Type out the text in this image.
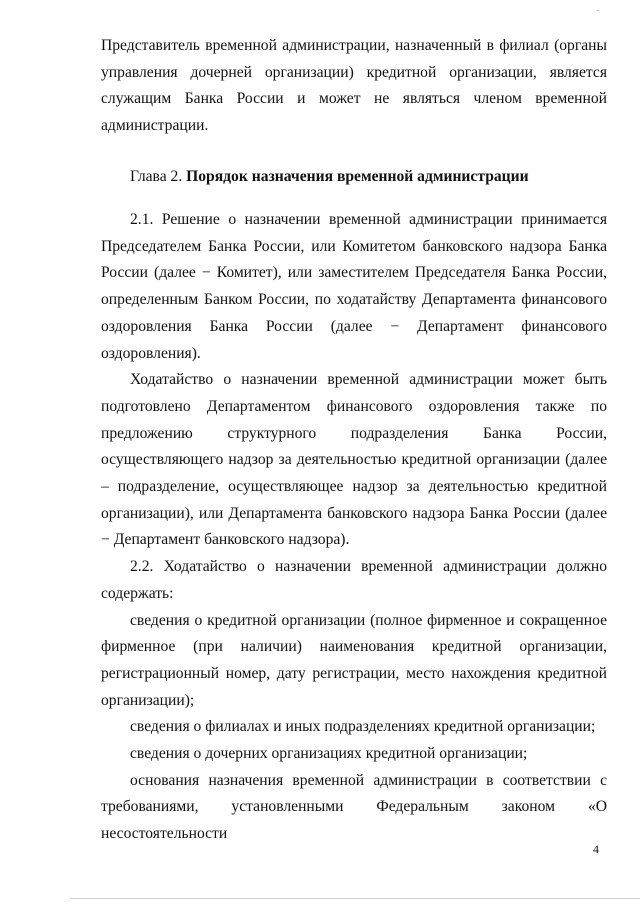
Представитель временной администрации, назначенный в филиал (органы управления дочерней организации) кредитной организации, является служащим Банка России и может не являться членом временной администрации.

Глава 2. Порядок назначения временной администрации

2.1. Решение о назначении временной администрации принимается Председателем Банка России, или Комитетом банковского надзора Банка России (далее − Комитет), или заместителем Председателя Банка России, определенным Банком России, по ходатайству Департамента финансового оздоровления Банка России (далее − Департамент финансового оздоровления).

Ходатайство о назначении временной администрации может быть подготовлено Департаментом финансового оздоровления также по предложению структурного подразделения Банка России, осуществляющего надзор за деятельностью кредитной организации (далее – подразделение, осуществляющее надзор за деятельностью кредитной организации), или Департамента банковского надзора Банка России (далее − Департамент банковского надзора).

2.2. Ходатайство о назначении временной администрации должно содержать:

сведения о кредитной организации (полное фирменное и сокращенное фирменное (при наличии) наименования кредитной организации, регистрационный номер, дату регистрации, место нахождения кредитной организации);

сведения о филиалах и иных подразделениях кредитной организации;

сведения о дочерних организациях кредитной организации;

основания назначения временной администрации в соответствии с требованиями, установленными Федеральным законом «О несостоятельности

4
